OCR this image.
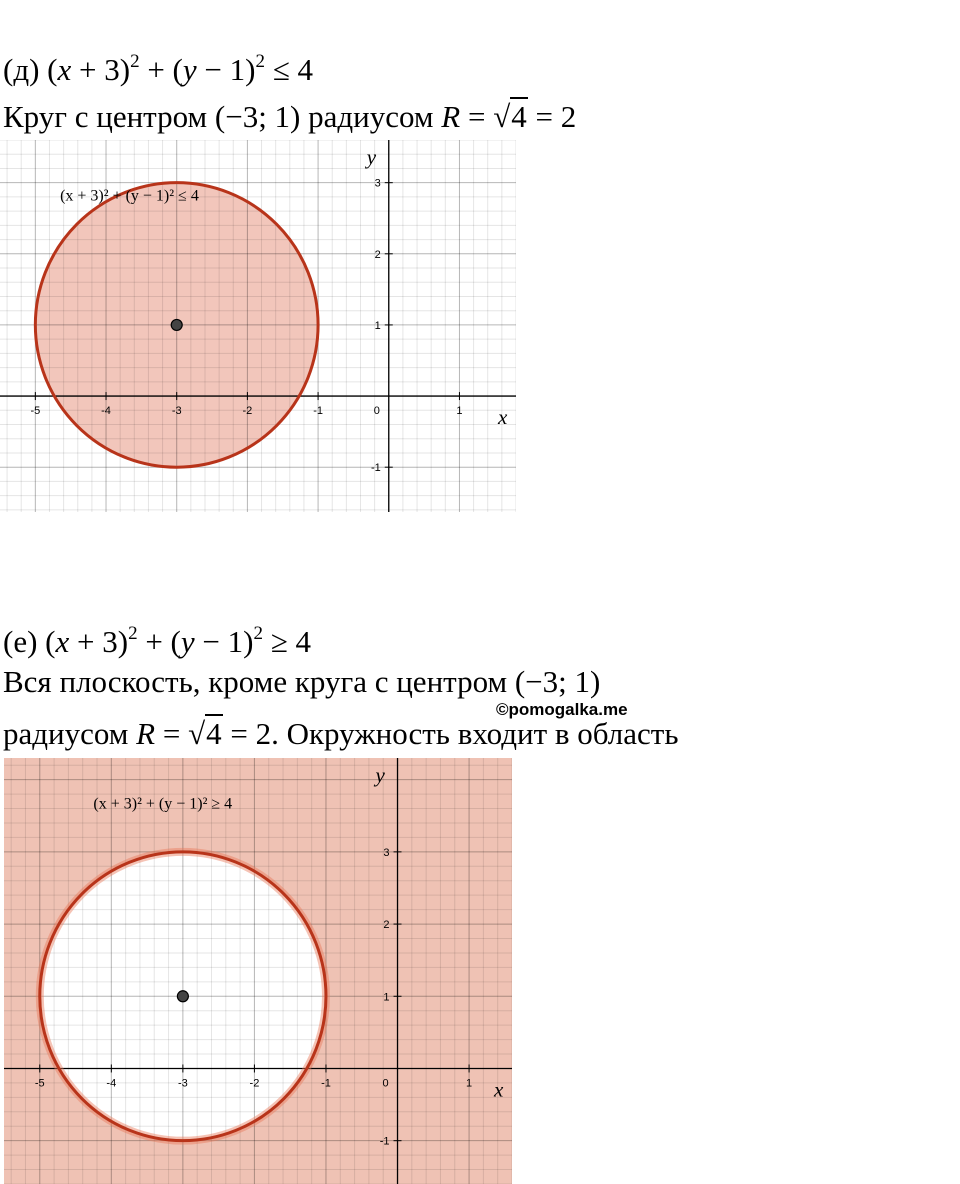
(д) $(x + 3)^2 + (y - 1)^2 \le 4$
Круг с центром (−3; 1) радиусом R = √4 = 2
-5	-4	-3	-2	-1	0	1
-1
1
2
3
x
y
(x + 3)² + (y − 1)² ≤ 4
(е) $(x + 3)^2 + (y - 1)^2 \ge 4$
Вся плоскость, кроме круга с центром (−3; 1)
©pomogalka.me
радиусом R = √4 = 2. Окружность входит в область
-5	-4	-3	-2	-1	0	1
-1
1
2
3
x
y
(x + 3)² + (y − 1)² ≥ 4
